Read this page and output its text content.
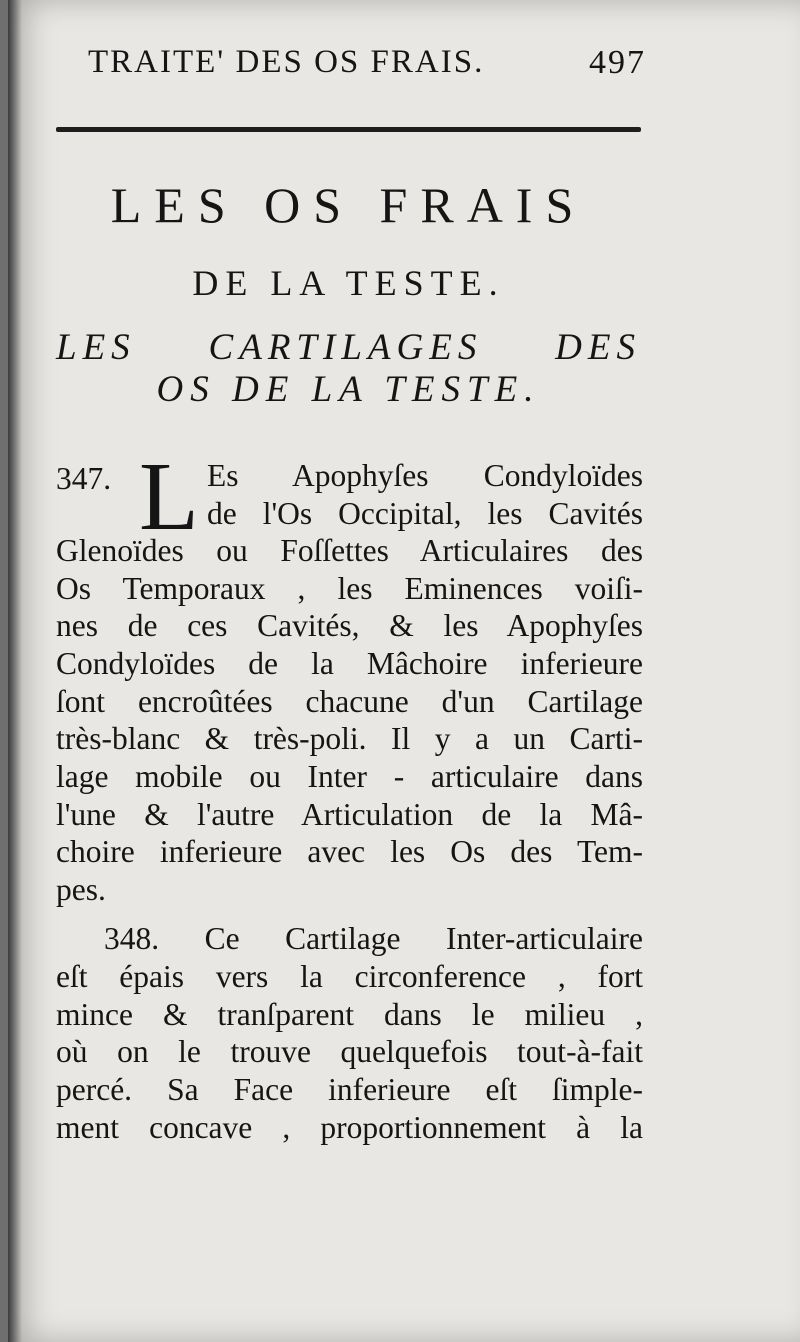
TRAITE' DES OS FRAIS.	497
LES OS FRAIS
DE LA TESTE.
LES CARTILAGES DES
OS DE LA TESTE.
347. L Es Apophyſes Condyloïdes
de l'Os Occipital, les Cavités
Glenoïdes ou Foſſettes Articulaires des
Os Temporaux , les Eminences voiſi-
nes de ces Cavités, & les Apophyſes
Condyloïdes de la Mâchoire inferieure
ſont encroûtées chacune d'un Cartilage
très-blanc & très-poli. Il y a un Carti-
lage mobile ou Inter - articulaire dans
l'une & l'autre Articulation de la Mâ-
choire inferieure avec les Os des Tem-
pes.
348. Ce Cartilage Inter-articulaire
eſt épais vers la circonference , fort
mince & tranſparent dans le milieu ,
où on le trouve quelquefois tout-à-fait
percé. Sa Face inferieure eſt ſimple-
ment concave , proportionnement à la
